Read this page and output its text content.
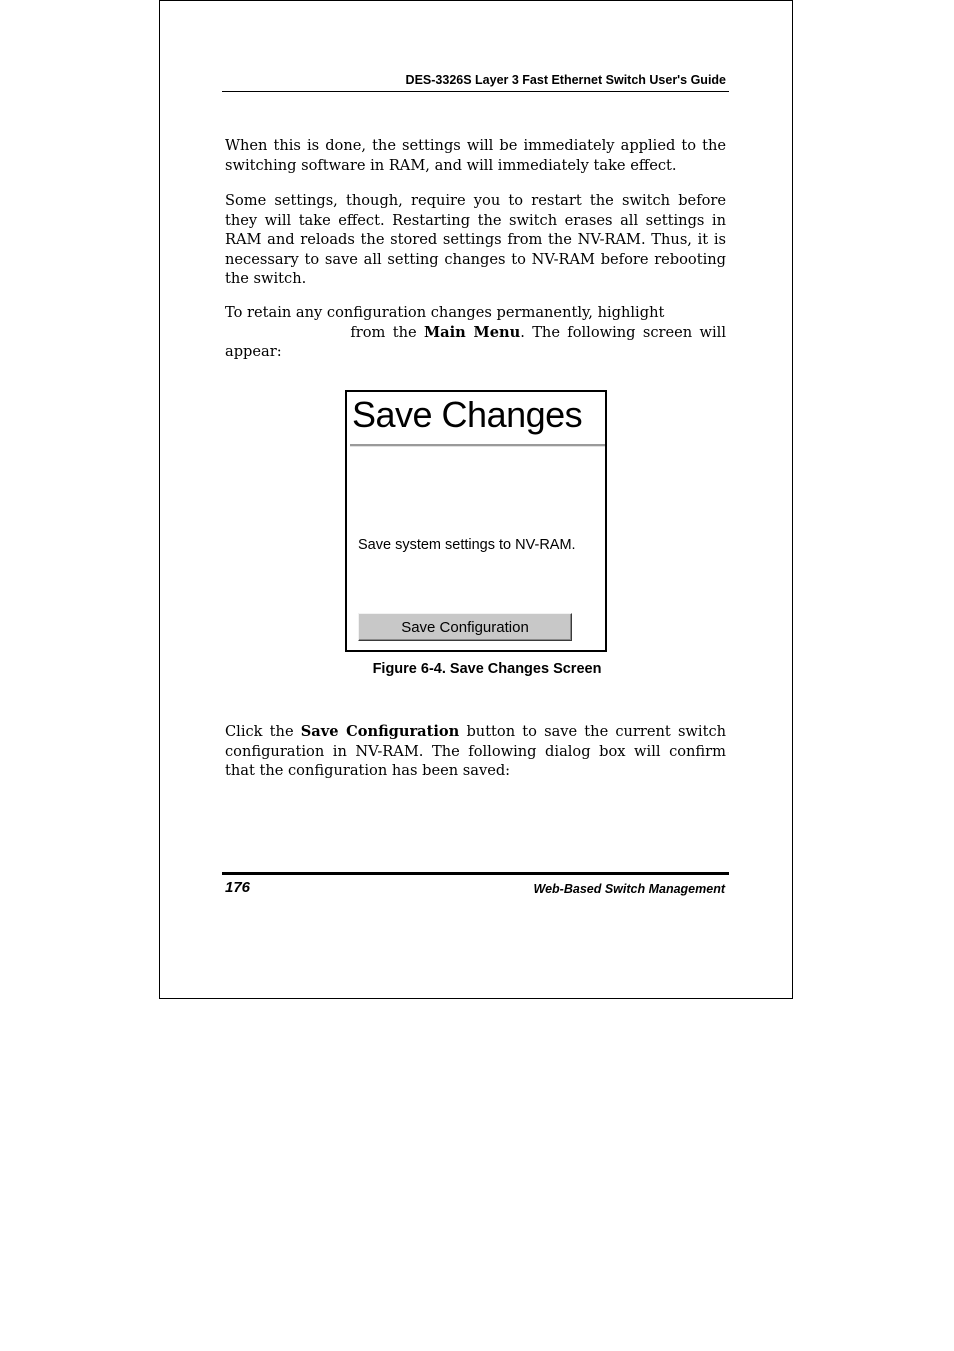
DES-3326S Layer 3 Fast Ethernet Switch User's Guide

When this is done, the settings will be immediately applied to the switching software in RAM, and will immediately take effect.

Some settings, though, require you to restart the switch before they will take effect. Restarting the switch erases all settings in RAM and reloads the stored settings from the NV-RAM. Thus, it is necessary to save all setting changes to NV-RAM before rebooting the switch.

To retain any configuration changes permanently, highlight
from the Main Menu. The following screen will appear:

Save Changes
Save system settings to NV-RAM.
Save Configuration
Figure 6-4. Save Changes Screen

Click the Save Configuration button to save the current switch configuration in NV-RAM. The following dialog box will confirm that the configuration has been saved:

176	Web-Based Switch Management
